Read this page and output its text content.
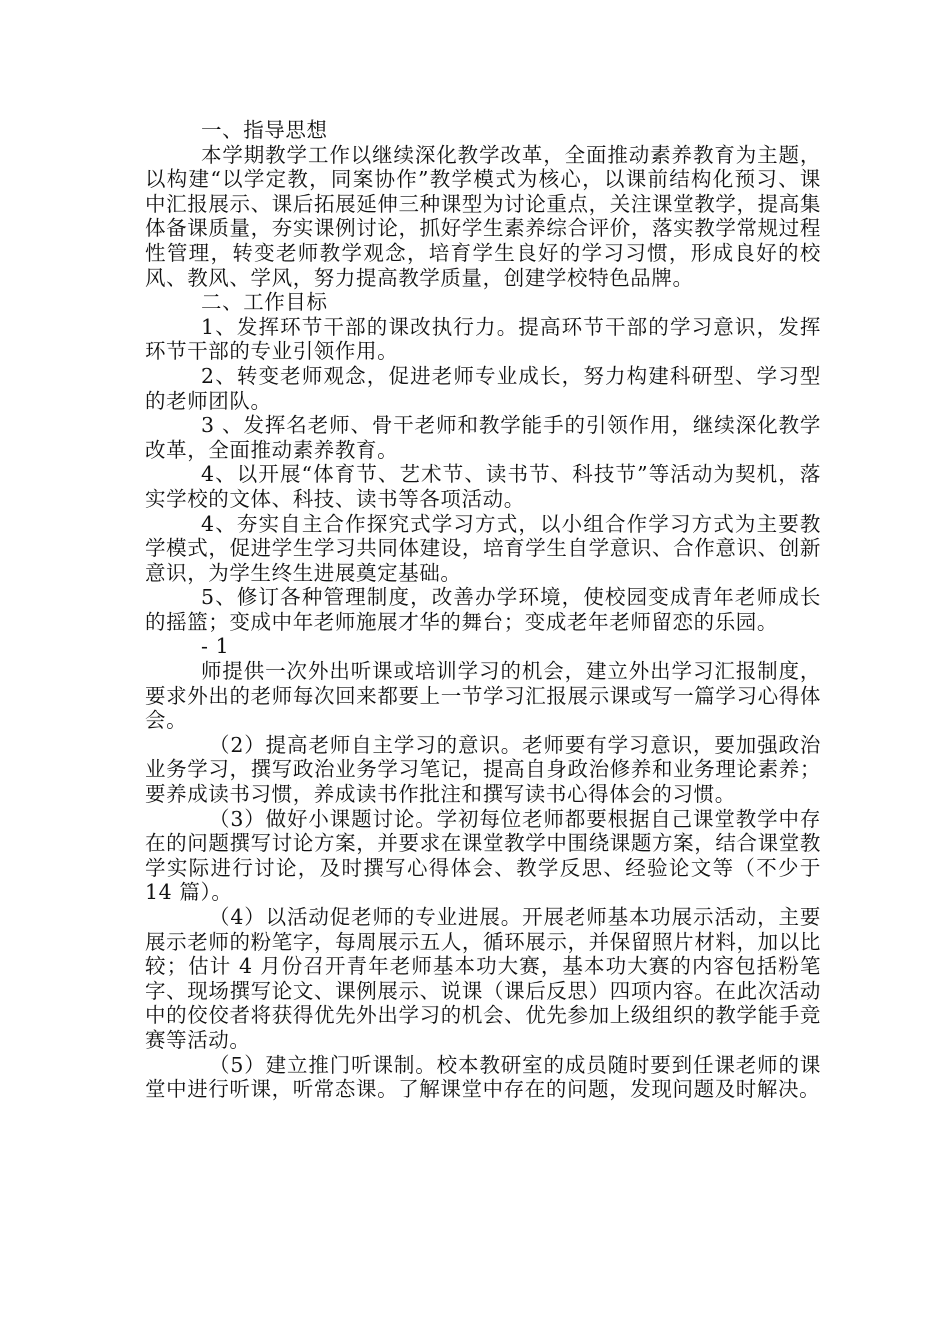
一、指导思想

本学期教学工作以继续深化教学改革，全面推动素养教育为主题，以构建“以学定教，同案协作”教学模式为核心，以课前结构化预习、课中汇报展示、课后拓展延伸三种课型为讨论重点，关注课堂教学，提高集体备课质量，夯实课例讨论，抓好学生素养综合评价，落实教学常规过程性管理，转变老师教学观念，培育学生良好的学习习惯，形成良好的校风、教风、学风，努力提高教学质量，创建学校特色品牌。

二、工作目标

1、发挥环节干部的课改执行力。提高环节干部的学习意识，发挥环节干部的专业引领作用。

2、转变老师观念，促进老师专业成长，努力构建科研型、学习型的老师团队。

3 、发挥名老师、骨干老师和教学能手的引领作用，继续深化教学改革，全面推动素养教育。

4、以开展“体育节、艺术节、读书节、科技节”等活动为契机，落实学校的文体、科技、读书等各项活动。

4、夯实自主合作探究式学习方式，以小组合作学习方式为主要教学模式，促进学生学习共同体建设，培育学生自学意识、合作意识、创新意识，为学生终生进展奠定基础。

5、修订各种管理制度，改善办学环境，使校园变成青年老师成长的摇篮；变成中年老师施展才华的舞台；变成老年老师留恋的乐园。

- 1

师提供一次外出听课或培训学习的机会，建立外出学习汇报制度，要求外出的老师每次回来都要上一节学习汇报展示课或写一篇学习心得体会。

（2）提高老师自主学习的意识。老师要有学习意识，要加强政治业务学习，撰写政治业务学习笔记，提高自身政治修养和业务理论素养；要养成读书习惯，养成读书作批注和撰写读书心得体会的习惯。

（3）做好小课题讨论。学初每位老师都要根据自己课堂教学中存在的问题撰写讨论方案，并要求在课堂教学中围绕课题方案，结合课堂教学实际进行讨论，及时撰写心得体会、教学反思、经验论文等（不少于 14 篇）。

（4）以活动促老师的专业进展。开展老师基本功展示活动，主要展示老师的粉笔字，每周展示五人，循环展示，并保留照片材料，加以比较；估计 4 月份召开青年老师基本功大赛，基本功大赛的内容包括粉笔字、现场撰写论文、课例展示、说课（课后反思）四项内容。在此次活动中的佼佼者将获得优先外出学习的机会、优先参加上级组织的教学能手竞赛等活动。

（5）建立推门听课制。校本教研室的成员随时要到任课老师的课堂中进行听课，听常态课。了解课堂中存在的问题，发现问题及时解决。
